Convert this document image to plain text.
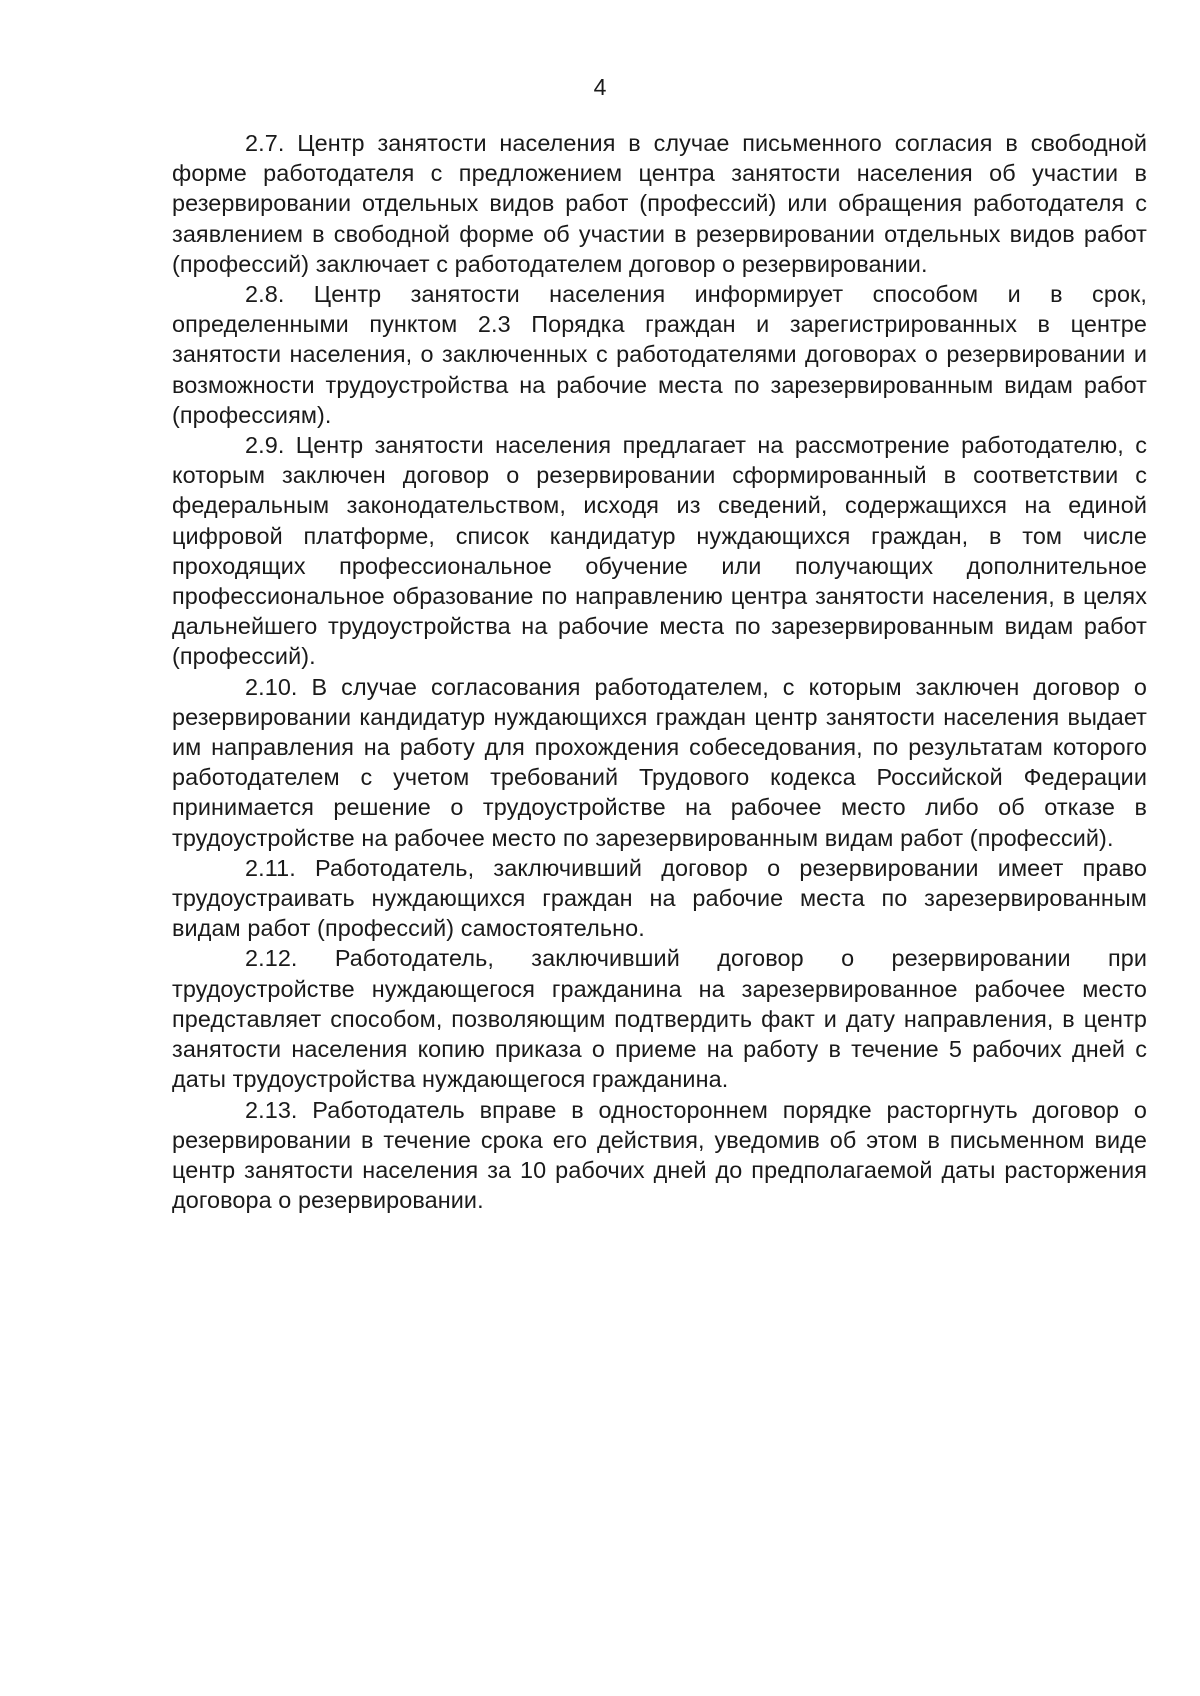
4

2.7. Центр занятости населения в случае письменного согласия в свободной форме работодателя с предложением центра занятости населения об участии в резервировании отдельных видов работ (профессий) или обращения работодателя с заявлением в свободной форме об участии в резервировании отдельных видов работ (профессий) заключает с работодателем договор о резервировании.

2.8. Центр занятости населения информирует способом и в срок, определенными пунктом 2.3 Порядка граждан и зарегистрированных в центре занятости населения, о заключенных с работодателями договорах о резервировании и возможности трудоустройства на рабочие места по зарезервированным видам работ (профессиям).

2.9. Центр занятости населения предлагает на рассмотрение работодателю, с которым заключен договор о резервировании сформированный в соответствии с федеральным законодательством, исходя из сведений, содержащихся на единой цифровой платформе, список кандидатур нуждающихся граждан, в том числе проходящих профессиональное обучение или получающих дополнительное профессиональное образование по направлению центра занятости населения, в целях дальнейшего трудоустройства на рабочие места по зарезервированным видам работ (профессий).

2.10. В случае согласования работодателем, с которым заключен договор о резервировании кандидатур нуждающихся граждан центр занятости населения выдает им направления на работу для прохождения собеседования, по результатам которого работодателем с учетом требований Трудового кодекса Российской Федерации принимается решение о трудоустройстве на рабочее место либо об отказе в трудоустройстве на рабочее место по зарезервированным видам работ (профессий).

2.11. Работодатель, заключивший договор о резервировании имеет право трудоустраивать нуждающихся граждан на рабочие места по зарезервированным видам работ (профессий) самостоятельно.

2.12. Работодатель, заключивший договор о резервировании при трудоустройстве нуждающегося гражданина на зарезервированное рабочее место представляет способом, позволяющим подтвердить факт и дату направления, в центр занятости населения копию приказа о приеме на работу в течение 5 рабочих дней с даты трудоустройства нуждающегося гражданина.

2.13. Работодатель вправе в одностороннем порядке расторгнуть договор о резервировании в течение срока его действия, уведомив об этом в письменном виде центр занятости населения за 10 рабочих дней до предполагаемой даты расторжения договора о резервировании.
